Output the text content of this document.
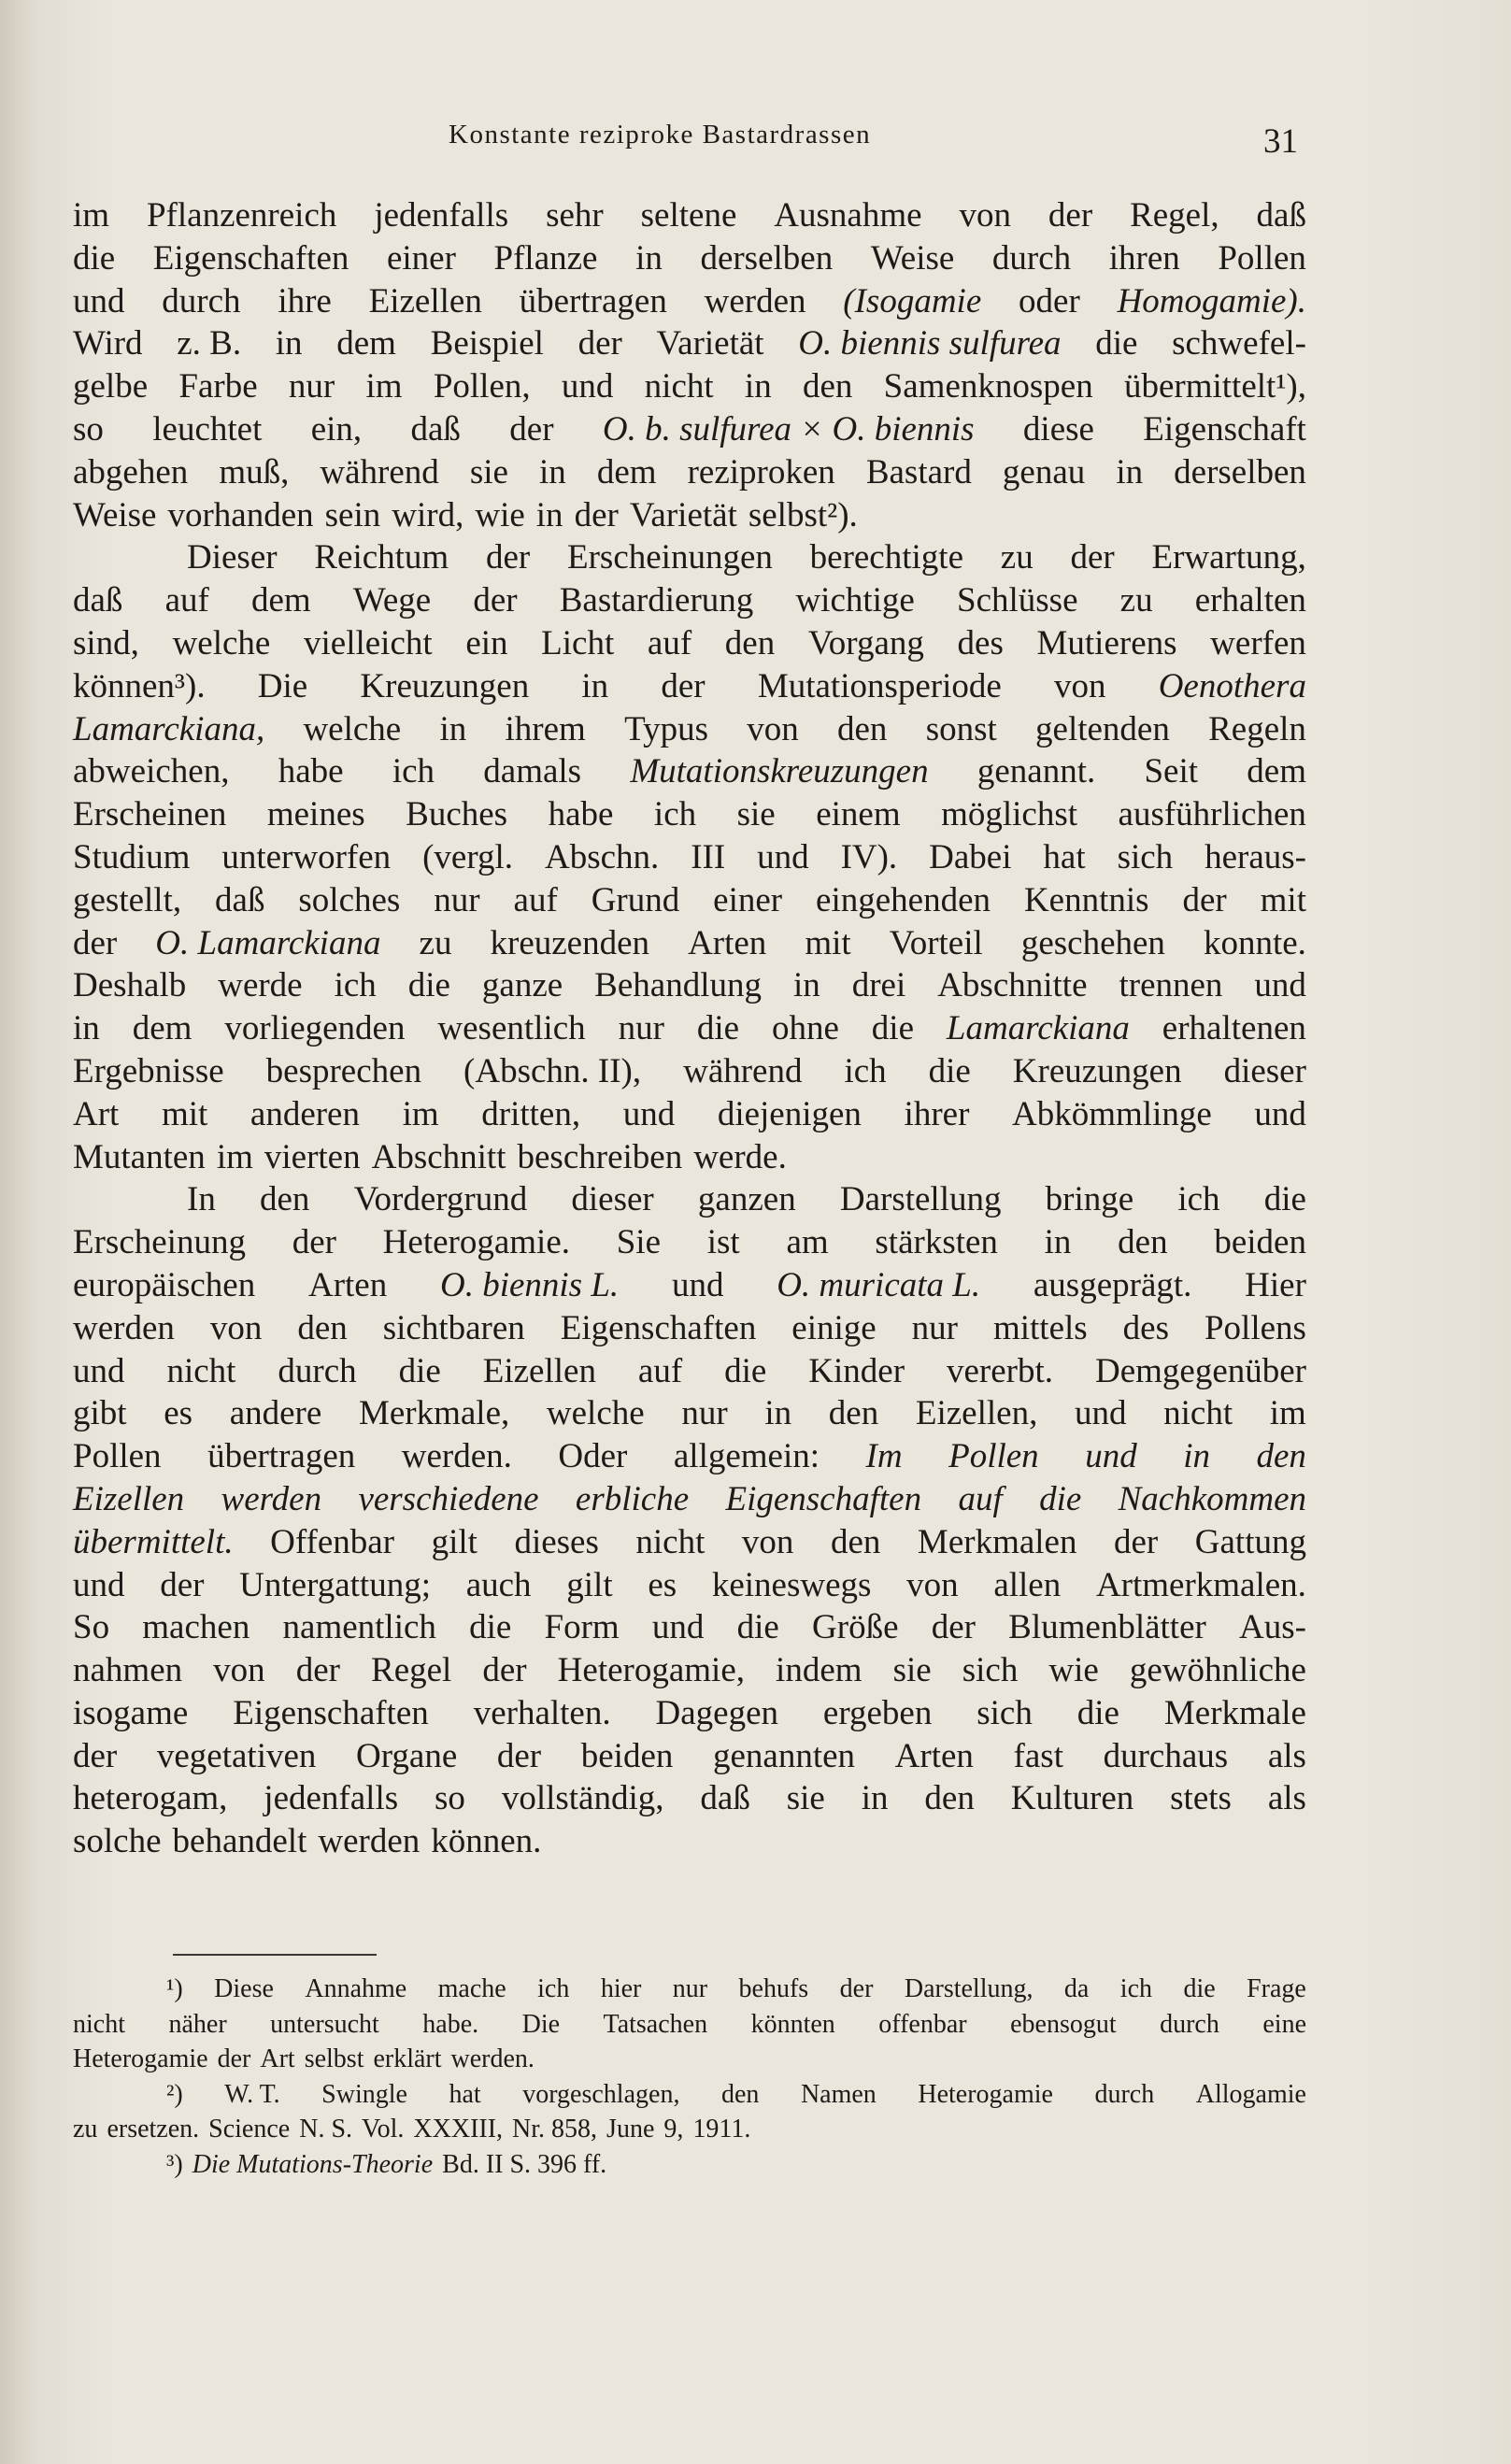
Konstante reziproke Bastardrassen	31
im Pflanzenreich jedenfalls sehr seltene Ausnahme von der Regel, daß
die Eigenschaften einer Pflanze in derselben Weise durch ihren Pollen
und durch ihre Eizellen übertragen werden (Isogamie oder Homogamie).
Wird z. B. in dem Beispiel der Varietät O. biennis sulfurea die schwefel-
gelbe Farbe nur im Pollen, und nicht in den Samenknospen übermittelt¹),
so leuchtet ein, daß der O. b. sulfurea × O. biennis diese Eigenschaft
abgehen muß, während sie in dem reziproken Bastard genau in derselben
Weise vorhanden sein wird, wie in der Varietät selbst²).
Dieser Reichtum der Erscheinungen berechtigte zu der Erwartung,
daß auf dem Wege der Bastardierung wichtige Schlüsse zu erhalten
sind, welche vielleicht ein Licht auf den Vorgang des Mutierens werfen
können³). Die Kreuzungen in der Mutationsperiode von Oenothera
Lamarckiana, welche in ihrem Typus von den sonst geltenden Regeln
abweichen, habe ich damals Mutationskreuzungen genannt. Seit dem
Erscheinen meines Buches habe ich sie einem möglichst ausführlichen
Studium unterworfen (vergl. Abschn. III und IV). Dabei hat sich heraus-
gestellt, daß solches nur auf Grund einer eingehenden Kenntnis der mit
der O. Lamarckiana zu kreuzenden Arten mit Vorteil geschehen konnte.
Deshalb werde ich die ganze Behandlung in drei Abschnitte trennen und
in dem vorliegenden wesentlich nur die ohne die Lamarckiana erhaltenen
Ergebnisse besprechen (Abschn. II), während ich die Kreuzungen dieser
Art mit anderen im dritten, und diejenigen ihrer Abkömmlinge und
Mutanten im vierten Abschnitt beschreiben werde.
In den Vordergrund dieser ganzen Darstellung bringe ich die
Erscheinung der Heterogamie. Sie ist am stärksten in den beiden
europäischen Arten O. biennis L. und O. muricata L. ausgeprägt. Hier
werden von den sichtbaren Eigenschaften einige nur mittels des Pollens
und nicht durch die Eizellen auf die Kinder vererbt. Demgegenüber
gibt es andere Merkmale, welche nur in den Eizellen, und nicht im
Pollen übertragen werden. Oder allgemein: Im Pollen und in den
Eizellen werden verschiedene erbliche Eigenschaften auf die Nachkommen
übermittelt. Offenbar gilt dieses nicht von den Merkmalen der Gattung
und der Untergattung; auch gilt es keineswegs von allen Artmerkmalen.
So machen namentlich die Form und die Größe der Blumenblätter Aus-
nahmen von der Regel der Heterogamie, indem sie sich wie gewöhnliche
isogame Eigenschaften verhalten. Dagegen ergeben sich die Merkmale
der vegetativen Organe der beiden genannten Arten fast durchaus als
heterogam, jedenfalls so vollständig, daß sie in den Kulturen stets als
solche behandelt werden können.
¹) Diese Annahme mache ich hier nur behufs der Darstellung, da ich die Frage
nicht näher untersucht habe. Die Tatsachen könnten offenbar ebensogut durch eine
Heterogamie der Art selbst erklärt werden.
²) W. T. Swingle hat vorgeschlagen, den Namen Heterogamie durch Allogamie
zu ersetzen. Science N. S. Vol. XXXIII, Nr. 858, June 9, 1911.
³) Die Mutations-Theorie Bd. II S. 396 ff.
